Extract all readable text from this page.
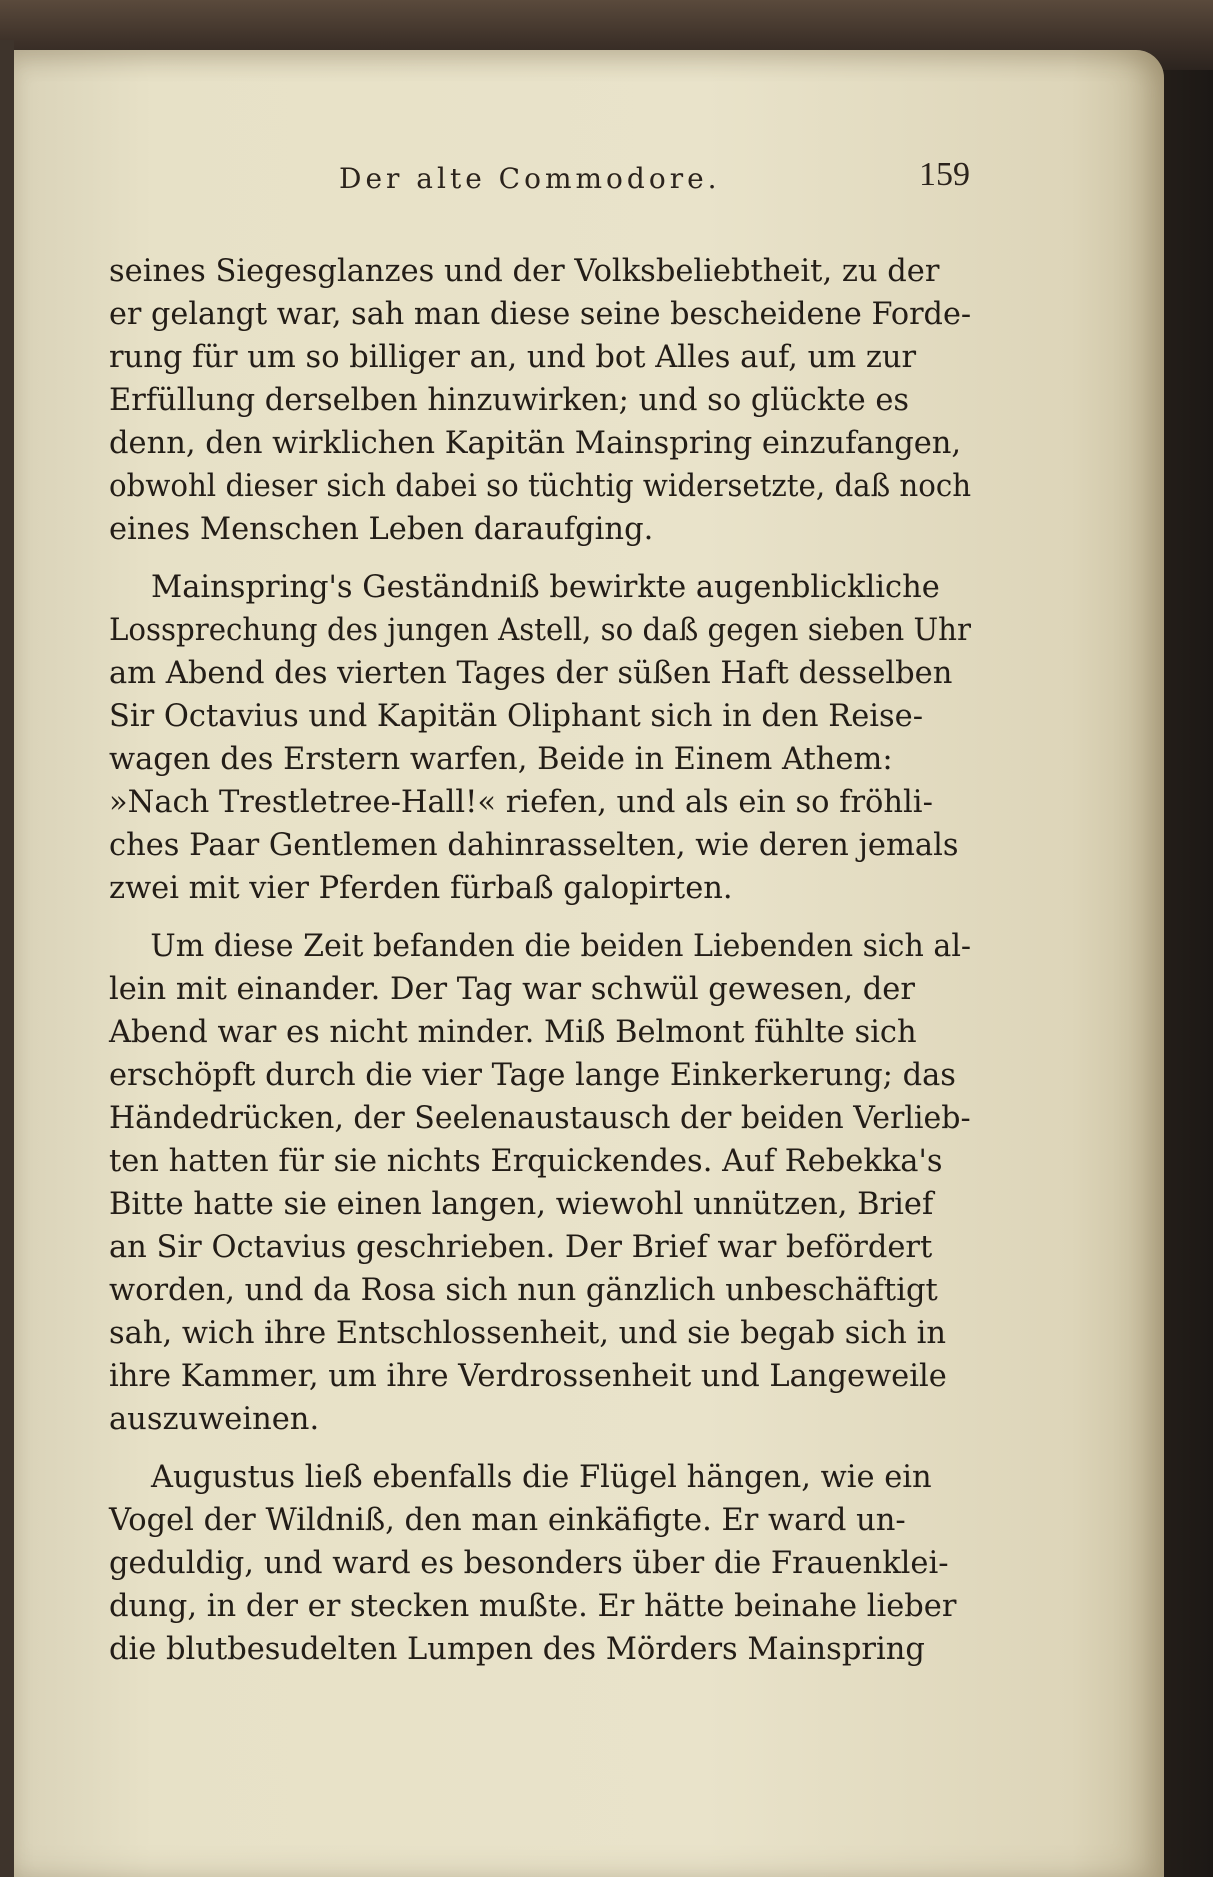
Der alte Commodore.	159
seines Siegesglanzes und der Volksbeliebtheit, zu der
er gelangt war, sah man diese seine bescheidene Forde-
rung für um so billiger an, und bot Alles auf, um zur
Erfüllung derselben hinzuwirken; und so glückte es
denn, den wirklichen Kapitän Mainspring einzufangen,
obwohl dieser sich dabei so tüchtig widersetzte, daß noch
eines Menschen Leben daraufging.
Mainspring's Geständniß bewirkte augenblickliche
Lossprechung des jungen Astell, so daß gegen sieben Uhr
am Abend des vierten Tages der süßen Haft desselben
Sir Octavius und Kapitän Oliphant sich in den Reise-
wagen des Erstern warfen, Beide in Einem Athem:
»Nach Trestletree-Hall!« riefen, und als ein so fröhli-
ches Paar Gentlemen dahinrasselten, wie deren jemals
zwei mit vier Pferden fürbaß galopirten.
Um diese Zeit befanden die beiden Liebenden sich al-
lein mit einander. Der Tag war schwül gewesen, der
Abend war es nicht minder. Miß Belmont fühlte sich
erschöpft durch die vier Tage lange Einkerkerung; das
Händedrücken, der Seelenaustausch der beiden Verlieb-
ten hatten für sie nichts Erquickendes. Auf Rebekka's
Bitte hatte sie einen langen, wiewohl unnützen, Brief
an Sir Octavius geschrieben. Der Brief war befördert
worden, und da Rosa sich nun gänzlich unbeschäftigt
sah, wich ihre Entschlossenheit, und sie begab sich in
ihre Kammer, um ihre Verdrossenheit und Langeweile
auszuweinen.
Augustus ließ ebenfalls die Flügel hängen, wie ein
Vogel der Wildniß, den man einkäfigte. Er ward un-
geduldig, und ward es besonders über die Frauenklei-
dung, in der er stecken mußte. Er hätte beinahe lieber
die blutbesudelten Lumpen des Mörders Mainspring
